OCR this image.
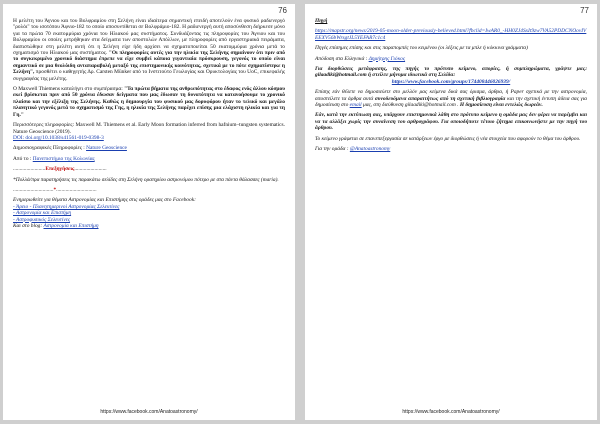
76

Η μελέτη του Άγνιου και του Βολφραμίου στη Σελήνη είναι ιδιαίτερα σημαντική επειδή αποτελούν ένα φυσικό ραδιενεργό "ρολόι" του ισοτόπου Άφνιο-182 το οποίο αποσυντίθεται σε Βολφράμιο-182. Η ραδιενεργή αυτή αποσύνθεση διήρκεσε μόνο για τα πρώτα 70 εκατομμύρια χρόνια του Ηλιακού μας συστήματος. Συνδυάζοντας τις πληροφορίες του Άγνιου και του Βολφραμίου οι οποίες μετρήθηκαν στα δείγματα των αποστολών Απόλλων, με πληροφορίες από εργαστηριακά πειράματα, διαπιστώθηκε στη μελέτη αυτή ότι η Σελήνη είχε ήδη αρχίσει να σχηματοποιείται 50 εκατομμύρια χρόνια μετά το σχηματισμό του Ηλιακού μας συστήματος. "Οι πληροφορίες αυτές για την ηλικία της Σελήνης σημαίνουν ότι πριν από το συγκεκριμένο χρονικό διάστημα έπρεπε να είχε συμβεί κάποια γιγαντιαία πρόσκρουση, γεγονός το οποίο είναι σημαντικό σε μια θεολόιδη ανταπαραβολή μεταξύ της επιστημονικής κοινότητας, σχετικά με το πότε σχηματίστηκε η Σελήνη", προσθέτει ο καθηγητής Δρ. Carsten Münker από το Ινστιτούτο Γεωλογίας και Ορυκτολογίας του UoC, επικεφαλής συγγραφέας της μελέτης.

Ο Maxwell Thiemens καταλήγει στο συμπέρασμα: "Τα πρώτα βήματα της ανθρωπότητας στο έδαφος ενός άλλου κόσμου εκεί βρίσκεται πριν από 50 χρόνια έδωσαν δείγματα που μας έδωσαν τη δυνατότητα να κατανοήσουμε το χρονικό πλαίσιο και την εξέλιξη της Σελήνης. Καθώς η δημιουργία του φυσικού μας δορυφόρου ήταν το τελικό και μεγάλο πλανητικό γεγονός μετά το σχηματισμό της Γης, η ηλικία της Σελήνης παρέχει επίσης μια ελάχιστη ηλικία και για τη Γη."

Περισσότερες πληροφορίες: Maxwell M. Thiemens et al. Early Moon formation inferred from hafnium–tungsten systematics. Nature Geoscience (2019).
DOI: doi.org/10.1038/s41561-019-0398-3

Δημοσιογραφικές Πληροφορίες : Nature Geoscience

Από το : Πανεπιστήμιο της Κολωνίας

........................Επεξηγήσεις........................

*Πολλά/πρα παρατηρήσεις τις παρακάτω σελίδες στη Σελήνη ορατηρίου αστρονόμου πότερο με στα πάντα θάλασσες (maria).

..............................*..............................

Ενημερωθείτε για θέματα Αστρονομίας και Επιστήμης στις ομάδες μας στο Facebook:
- Άρειο - Πλανητημερινοί Αστρονομίας Σελευτίνες
- Αστρονομία και Επιστήμη
- Αστροφυσικός Σελευτίνες
Και στο blog: Αστρονομία και Επιστήμη

https://www.facebook.com/Anatoastronomy/
77

Πηγή

https://mapstr.org/news/2019-05-moon-older-previously-believed.html?fbclid=IwAR0_-HH0ZJ4SxIt9zw7VA52PDDCNOovIVEEXV56bWrsgtJL5YEFAR7c1c4

Πηγές επίσημες επίσης και στις παραπομπές του κειμένου (οι λέξεις με τα μπλε ή κόκκινα γράμματα)

Απόδοση στα Ελληνικά : Δημήτρης Γιόκος

Για διορθώσεις μετάφρασης, της πηγής το πρότυπο κείμενο, απορίες, ή συμπληρώματα, γράψτε μας: gilaadiki@hotmail.com ή στείλτε μήνυμα ιδιωτικά στη Σελίδα:

https://www.facebook.com/groups/174408446026939/

Επίσης εάν θέλετε να δημοσιεύετε στο μελλόν μας κείμενα δικά σας όρισμα, άρθρα, ή Paper σχετικά με την αστρονομία, αποστείλετε τα άρθρα αυτά συνοδευόμενα απαραιτήτως από τη σχετική βιβλιογραφία και την σχετική έντυπη άδεια σας για δημοσίευση στο email μας, στη διεύθυνση gilaadiki@hotmail.com . Η δημοσίευση είναι εντελώς δωρεάν.

Εάν, κατά την εκτύπωση σας, υπάρχουν επιστημονικά λάθη στο πρότυπο κείμενο η ομάδα μας δεν φέρει να παρέμβει και να τα αλλάξει χωρίς την συναίνεση του αρθρογράφου. Για οποιοδήποτε τέτοιο ζήτημα επικοινωνήστε με την πηγή του άρθρου.

Το κείμενο γράφεται σε επανεπεξεργασία σε κατάρξεων έργο με διορθώσεις ή νέα στοιχεία που αφορούν το θέμα του άρθρου.

Για την ομάδα : @Anatoastronomy

https://www.facebook.com/Anatoastronomy/
